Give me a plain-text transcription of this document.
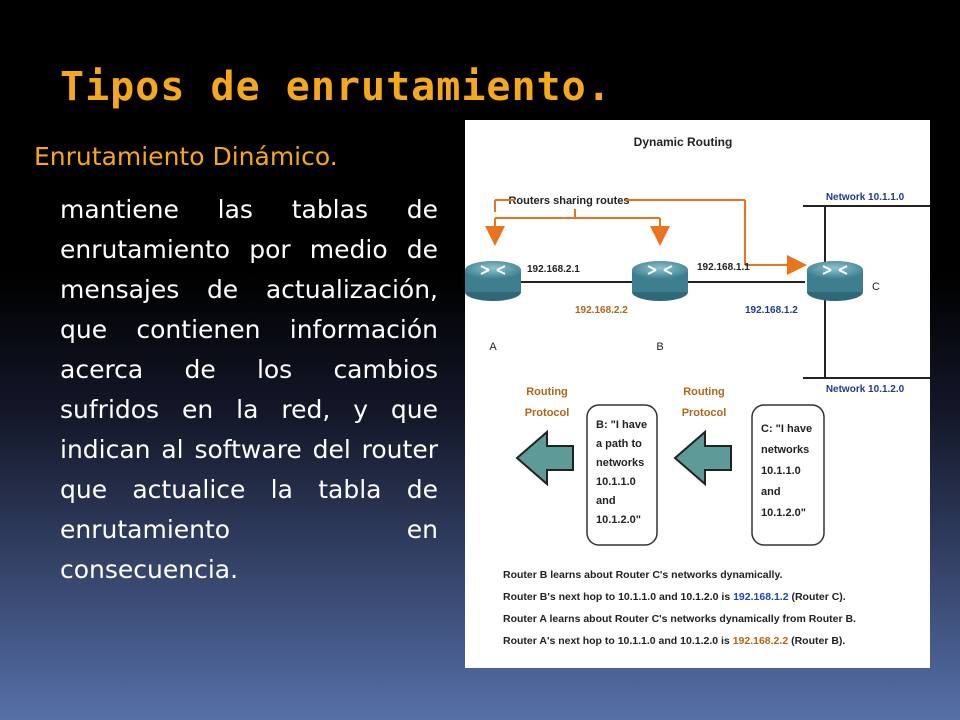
Tipos de enrutamiento.
Enrutamiento Dinámico.
mantiene las tablas de enrutamiento por medio de mensajes de actualización, que contienen información acerca de los cambios sufridos en la red, y que indican al software del router que actualice la tabla de enrutamiento en consecuencia.
Dynamic Routing
Routers sharing routes	Network 10.1.1.0
Network 10.1.2.0
A	B
C
192.168.2.1
192.168.2.2
192.168.1.1
192.168.1.2
Routing
Protocol
Routing
Protocol
B: "I have
a path to
networks
10.1.1.0
and
10.1.2.0"
C: "I have
networks
10.1.1.0
and
10.1.2.0"
Router B learns about Router C's networks dynamically.
Router B's next hop to 10.1.1.0 and 10.1.2.0 is 192.168.1.2 (Router C).
Router A learns about Router C's networks dynamically from Router B.
Router A's next hop to 10.1.1.0 and 10.1.2.0 is 192.168.2.2 (Router B).
